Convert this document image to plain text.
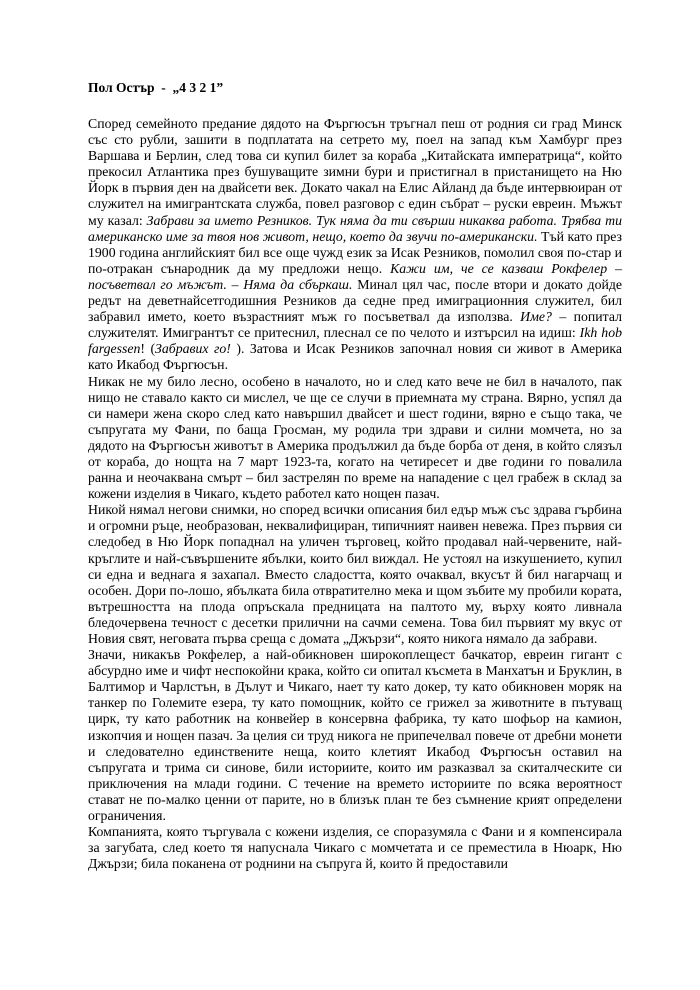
Пол Остър  -  „4 3 2 1”

Според семейното предание дядото на Фъргюсън тръгнал пеш от родния си град Минск със сто рубли, зашити в подплатата на сетрето му, поел на запад към Хамбург през Варшава и Берлин, след това си купил билет за кораба „Китайската императрица“, който прекосил Атлантика през бушуващите зимни бури и пристигнал в пристанището на Ню Йорк в първия ден на двайсети век. Докато чакал на Елис Айланд да бъде интервюиран от служител на имигрантската служба, повел разговор с един събрат – руски евреин. Мъжът му казал: Забрави за името Резников. Тук няма да ти свърши никаква работа. Трябва ти американско име за твоя нов живот, нещо, което да звучи по-американски. Тъй като през 1900 година английският бил все още чужд език за Исак Резников, помолил своя по-стар и по-отракан сънародник да му предложи нещо. Кажи им, че се казваш Рокфелер – посъветвал го мъжът. – Няма да сбъркаш. Минал цял час, после втори и докато дойде редът на деветнайсетгодишния Резников да седне пред имиграционния служител, бил забравил името, което възрастният мъж го посъветвал да използва. Име? – попитал служителят. Имигрантът се притеснил, плеснал се по челото и изтърсил на идиш: Ikh hob fargessen! (Забравих го! ). Затова и Исак Резников започнал новия си живот в Америка като Икабод Фъргюсън.

Никак не му било лесно, особено в началото, но и след като вече не бил в началото, пак нищо не ставало както си мислел, че ще се случи в приемната му страна. Вярно, успял да си намери жена скоро след като навършил двайсет и шест години, вярно е също така, че съпругата му Фани, по баща Гросман, му родила три здрави и силни момчета, но за дядото на Фъргюсън животът в Америка продължил да бъде борба от деня, в който слязъл от кораба, до нощта на 7 март 1923-та, когато на четиресет и две години го повалила ранна и неочаквана смърт – бил застрелян по време на нападение с цел грабеж в склад за кожени изделия в Чикаго, където работел като нощен пазач.

Никой нямал негови снимки, но според всички описания бил едър мъж със здрава гърбина и огромни ръце, необразован, неквалифициран, типичният наивен невежа. През първия си следобед в Ню Йорк попаднал на уличен търговец, който продавал най-червените, най- кръглите и най-съвършените ябълки, които бил виждал. Не устоял на изкушението, купил си една и веднага я захапал. Вместо сладостта, която очаквал, вкусът й бил нагарчащ и особен. Дори по-лошо, ябълката била отвратително мека и щом зъбите му пробили кората, вътрешността на плода опръскала предницата на палтото му, върху която ливнала бледочервена течност с десетки прилични на сачми семена. Това бил първият му вкус от Новия свят, неговата първа среща с домата „Джързи“, която никога нямало да забрави.

Значи, никакъв Рокфелер, а най-обикновен широкоплещест бачкатор, евреин гигант с абсурдно име и чифт неспокойни крака, който си опитал късмета в Манхатън и Бруклин, в Балтимор и Чарлстън, в Дълут и Чикаго, нает ту като докер, ту като обикновен моряк на танкер по Големите езера, ту като помощник, който се грижел за животните в пътуващ цирк, ту като работник на конвейер в консервна фабрика, ту като шофьор на камион, изкопчия и нощен пазач. За целия си труд никога не припечелвал повече от дребни монети и следователно единствените неща, които клетият Икабод Фъргюсън оставил на съпругата и трима си синове, били историите, които им разказвал за скиталческите си приключения на млади години. С течение на времето историите по всяка вероятност стават не по-малко ценни от парите, но в близък план те без съмнение крият определени ограничения.

Компанията, която търгувала с кожени изделия, се споразумяла с Фани и я компенсирала за загубата, след което тя напуснала Чикаго с момчетата и се преместила в Нюарк, Ню Джързи; била поканена от роднини на съпруга й, които й предоставили
